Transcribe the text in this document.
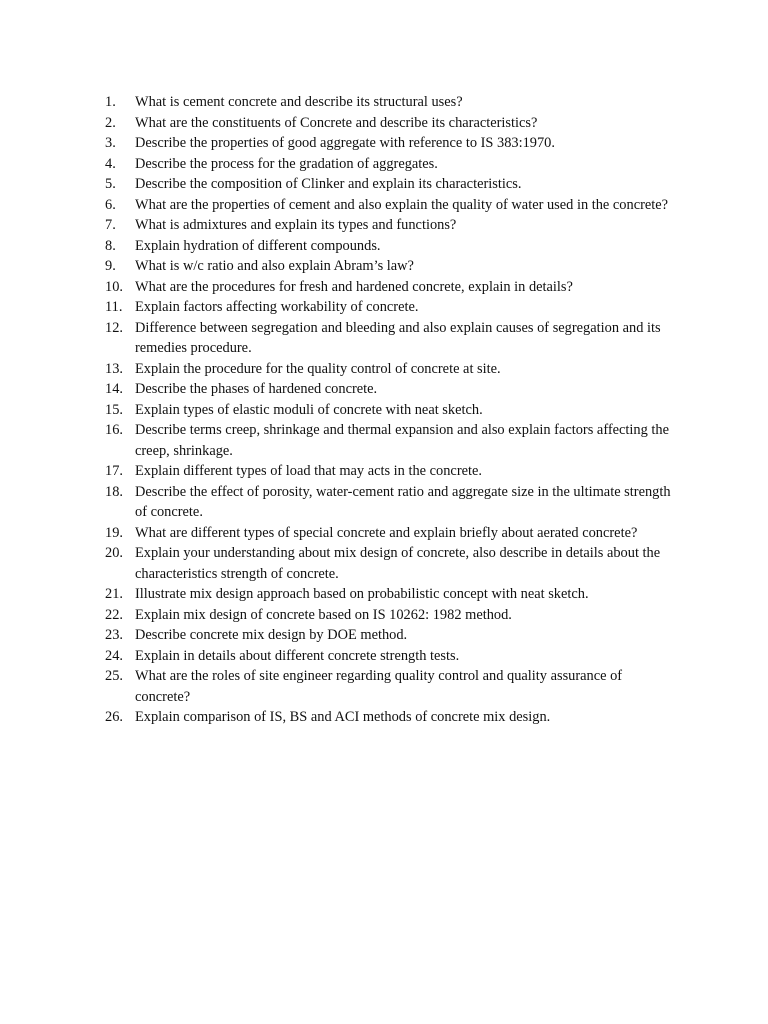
1.	What is cement concrete and describe its structural uses?
2.	What are the constituents of Concrete and describe its characteristics?
3.	Describe the properties of good aggregate with reference to IS 383:1970.
4.	Describe the process for the gradation of aggregates.
5.	Describe the composition of Clinker and explain its characteristics.
6.	What are the properties of cement and also explain the quality of water used in the concrete?
7.	What is admixtures and explain its types and functions?
8.	Explain hydration of different compounds.
9.	What is w/c ratio and also explain Abram’s law?
10. What are the procedures for fresh and hardened concrete, explain in details?
11. Explain factors affecting workability of concrete.
12. Difference between segregation and bleeding and also explain causes of segregation and its remedies procedure.
13. Explain the procedure for the quality control of concrete at site.
14. Describe the phases of hardened concrete.
15. Explain types of elastic moduli of concrete with neat sketch.
16. Describe terms creep, shrinkage and thermal expansion and also explain factors affecting the creep, shrinkage.
17. Explain different types of load that may acts in the concrete.
18. Describe the effect of porosity, water-cement ratio and aggregate size in the ultimate strength of concrete.
19. What are different types of special concrete and explain briefly about aerated concrete?
20. Explain your understanding about mix design of concrete, also describe in details about the characteristics strength of concrete.
21. Illustrate mix design approach based on probabilistic concept with neat sketch.
22. Explain mix design of concrete based on IS 10262: 1982 method.
23. Describe concrete mix design by DOE method.
24. Explain in details about different concrete strength tests.
25. What are the roles of site engineer regarding quality control and quality assurance of concrete?
26. Explain comparison of IS, BS and ACI methods of concrete mix design.
